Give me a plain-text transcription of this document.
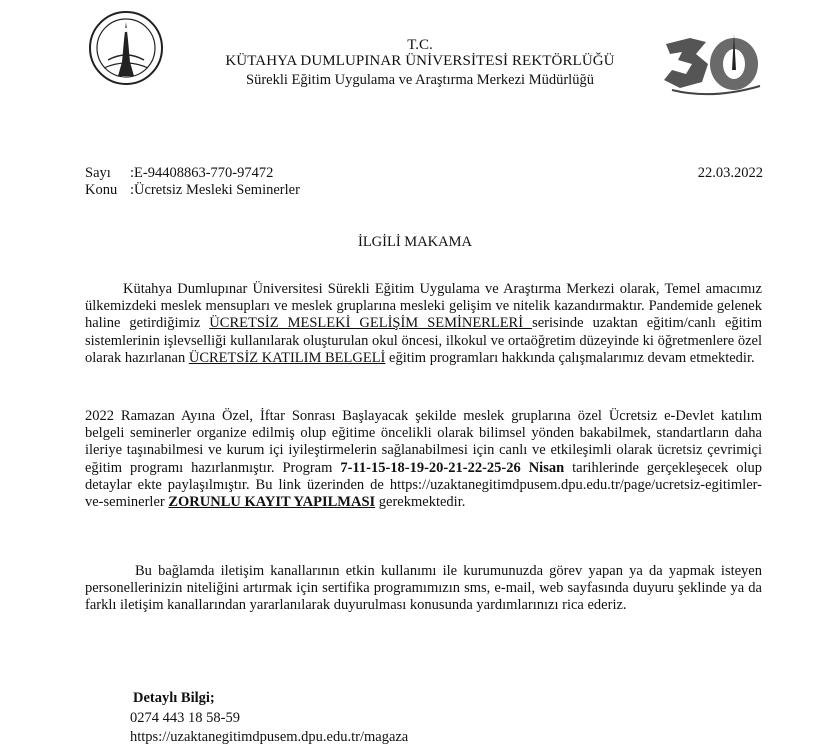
T.C.
KÜTAHYA DUMLUPINAR ÜNİVERSİTESİ REKTÖRLÜĞÜ
Sürekli Eğitim Uygulama ve Araştırma Merkezi Müdürlüğü
Sayı	:E-94408863-770-97472
Konu	:Ücretsiz Mesleki Seminerler
22.03.2022
İLGİLİ MAKAMA

Kütahya Dumlupınar Üniversitesi Sürekli Eğitim Uygulama ve Araştırma Merkezi olarak, Temel amacımız ülkemizdeki meslek mensupları ve meslek gruplarına mesleki gelişim ve nitelik kazandırmaktır. Pandemide gelenek haline getirdiğimiz ÜCRETSİZ MESLEKİ GELİŞİM SEMİNERLERİ serisinde uzaktan eğitim/canlı eğitim sistemlerinin işlevselliği kullanılarak oluşturulan okul öncesi, ilkokul ve ortaöğretim düzeyinde ki öğretmenlere özel olarak hazırlanan ÜCRETSİZ KATILIM BELGELİ eğitim programları hakkında çalışmalarımız devam etmektedir.

2022 Ramazan Ayına Özel, İftar Sonrası Başlayacak şekilde meslek gruplarına özel Ücretsiz e-Devlet katılım belgeli seminerler organize edilmiş olup eğitime öncelikli olarak bilimsel yönden bakabilmek, standartların daha ileriye taşınabilmesi ve kurum içi iyileştirmelerin sağlanabilmesi için canlı ve etkileşimli olarak ücretsiz çevrimiçi eğitim programı hazırlanmıştır. Program 7-11-15-18-19-20-21-22-25-26 Nisan tarihlerinde gerçekleşecek olup detaylar ekte paylaşılmıştır. Bu link üzerinden de https://uzaktanegitimdpusem.dpu.edu.tr/page/ucretsiz-egitimler-ve-seminerler ZORUNLU KAYIT YAPILMASI gerekmektedir.

Bu bağlamda iletişim kanallarının etkin kullanımı ile kurumunuzda görev yapan ya da yapmak isteyen personellerinizin niteliğini artırmak için sertifika programımızın sms, e-mail, web sayfasında duyuru şeklinde ya da farklı iletişim kanallarından yararlanılarak duyurulması konusunda yardımlarınızı rica ederiz.

Detaylı Bilgi;
0274 443 18 58-59
https://uzaktanegitimdpusem.dpu.edu.tr/magaza
